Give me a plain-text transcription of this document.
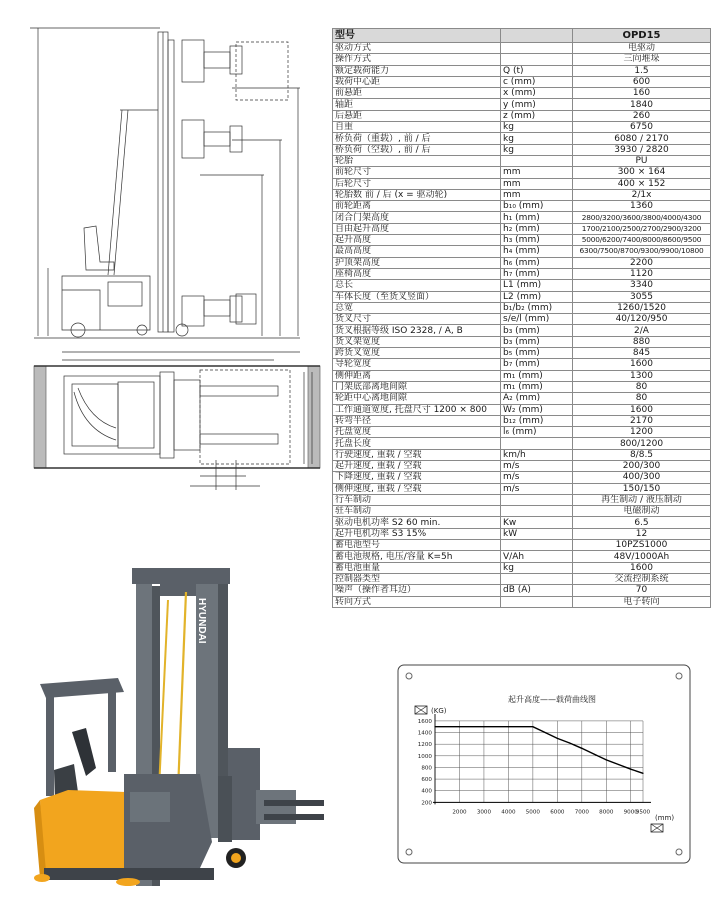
HYUNDAI
型号		OPD15
驱动方式		电驱动
操作方式		三向堆垛
额定载荷能力	Q (t)	1.5
载荷中心距	c (mm)	600
前悬距	x (mm)	160
轴距	y (mm)	1840
后悬距	z (mm)	260
自重	kg	6750
桥负荷（重载）, 前 / 后	kg	6080 / 2170
桥负荷（空载）, 前 / 后	kg	3930 / 2820
轮胎		PU
前轮尺寸	mm	300 × 164
后轮尺寸	mm	400 × 152
轮胎数 前 / 后 (x = 驱动轮)	mm	2/1x
前轮距离	b₁₀ (mm)	1360
闭合门架高度	h₁ (mm)	2800/3200/3600/3800/4000/4300
自由起升高度	h₂ (mm)	1700/2100/2500/2700/2900/3200
起升高度	h₃ (mm)	5000/6200/7400/8000/8600/9500
最高高度	h₄ (mm)	6300/7500/8700/9300/9900/10800
护顶架高度	h₆ (mm)	2200
座椅高度	h₇ (mm)	1120
总长	L1 (mm)	3340
车体长度（至货叉竖面）	L2 (mm)	3055
总宽	b₁/b₂ (mm)	1260/1520
货叉尺寸	s/e/l (mm)	40/120/950
货叉根据等级 ISO 2328, / A, B	b₃ (mm)	2/A
货叉架宽度	b₃ (mm)	880
跨货叉宽度	b₅ (mm)	845
导轮宽度	b₇ (mm)	1600
侧伸距离	m₁ (mm)	1300
门架底部离地间隙	m₁ (mm)	80
轮距中心离地间隙	A₂ (mm)	80
工作通道宽度, 托盘尺寸 1200 × 800	W₂ (mm)	1600
转弯半径	b₁₂ (mm)	2170
托盘宽度	l₆ (mm)	1200
托盘长度		800/1200
行驶速度, 重载 / 空载	km/h	8/8.5
起升速度, 重载 / 空载	m/s	200/300
下降速度, 重载 / 空载	m/s	400/300
侧伸速度, 重载 / 空载	m/s	150/150
行车制动		再生制动 / 液压制动
驻车制动		电磁制动
驱动电机功率 S2 60 min.	Kw	6.5
起升电机功率 S3 15%	kW	12
蓄电池型号		10PZS1000
蓄电池规格, 电压/容量 K=5h	V/Ah	48V/1000Ah
蓄电池重量	kg	1600
控制器类型		交流控制系统
噪声（操作者耳边）	dB (A)	70
转向方式		电子转向
起升高度——载荷曲线图
(KG)
(mm)
2000 3000 4000 5000 6000 7000 8000 9000
9500
200
400
600
800
1000
1200
1400
1600
